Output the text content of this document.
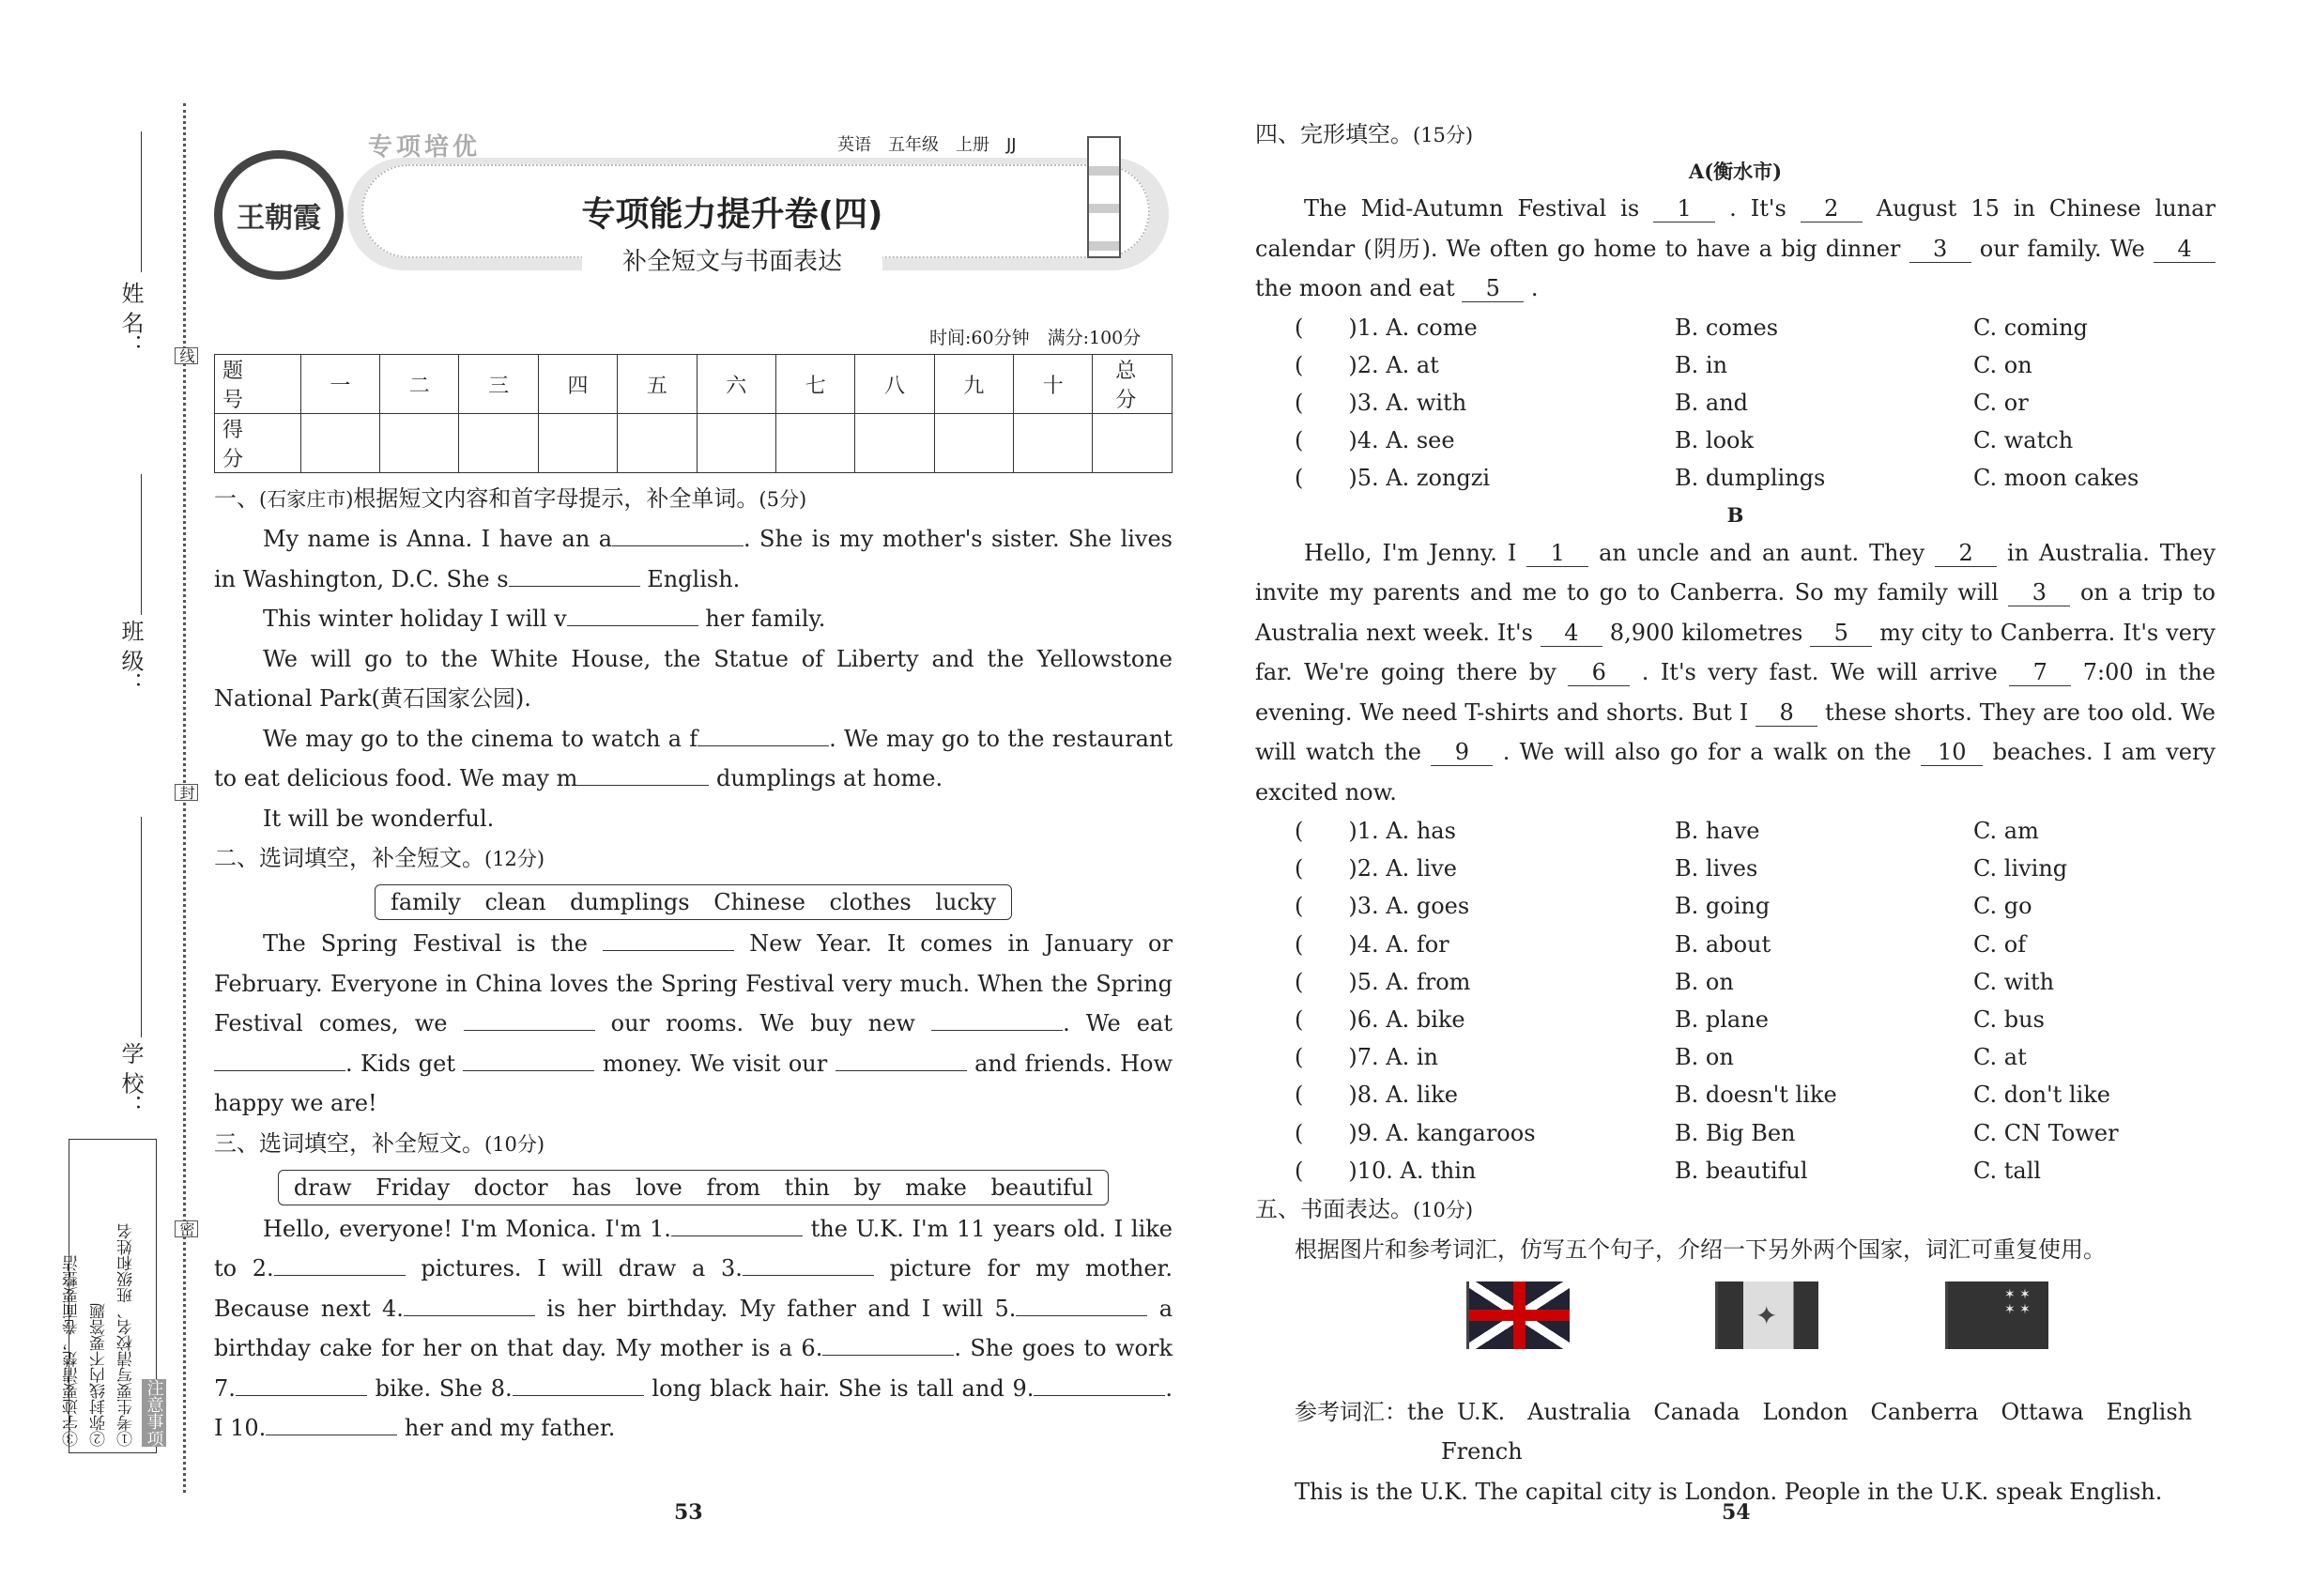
姓 名：
班 级：
学 校：
线
封
密
注意事项
①考生要写清校名、班级和姓名
②弥封线内不要答题
③字迹要清楚，卷面要整洁
王朝霞
专项培优	英语　五年级　上册　JJ
专项能力提升卷(四)
补全短文与书面表达
时间:60分钟　满分:100分
题 号	一	二	三	四	五	六	七	八	九	十	总 分
得 分											
一、(石家庄市)根据短文内容和首字母提示，补全单词。(5分)

My name is Anna. I have an a	. She is my mother's sister. She lives in Washington, D.C. She s	English.

This winter holiday I will v	her family.

We will go to the White House, the Statue of Liberty and the Yellowstone National Park(黄石国家公园).

We may go to the cinema to watch a f	. We may go to the restaurant to eat delicious food. We may m	dumplings at home.

It will be wonderful.

二、选词填空，补全短文。(12分)
family clean dumplings Chinese clothes lucky

The Spring Festival is the	New Year. It comes in January or February. Everyone in China loves the Spring Festival very much. When the Spring Festival comes, we	our rooms. We buy new	. We eat . Kids get	money. We visit our	and friends. How happy we are!

三、选词填空，补全短文。(10分)
draw Friday doctor has love from thin by make beautiful

Hello, everyone! I'm Monica. I'm 1.	the U.K. I'm 11 years old. I like to 2.	pictures. I will draw a 3.	picture for my mother. Because next 4.	is her birthday. My father and I will 5.	a birthday cake for her on that day. My mother is a 6.	. She goes to work 7.	bike. She 8.	long black hair. She is tall and 9.	. I 10.	her and my father.

53
四、完形填空。(15分)
A(衡水市)

The Mid-Autumn Festival is 1 . It's 2 August 15 in Chinese lunar calendar (阴历). We often go home to have a big dinner 3 our family. We 4 the moon and eat 5 .

(　　)1. A. come	B. comes	C. coming
(　　)2. A. at	B. in	C. on
(　　)3. A. with	B. and	C. or
(　　)4. A. see	B. look	C. watch
(　　)5. A. zongzi	B. dumplings	C. moon cakes
B

Hello, I'm Jenny. I 1 an uncle and an aunt. They 2 in Australia. They invite my parents and me to go to Canberra. So my family will 3 on a trip to Australia next week. It's 4 8,900 kilometres 5 my city to Canberra. It's very far. We're going there by 6 . It's very fast. We will arrive 7 7:00 in the evening. We need T-shirts and shorts. But I 8 these shorts. They are too old. We will watch the 9 . We will also go for a walk on the 10 beaches. I am very excited now.

(　　)1. A. has	B. have	C. am
(　　)2. A. live	B. lives	C. living
(　　)3. A. goes	B. going	C. go
(　　)4. A. for	B. about	C. of
(　　)5. A. from	B. on	C. with
(　　)6. A. bike	B. plane	C. bus
(　　)7. A. in	B. on	C. at
(　　)8. A. like	B. doesn't like	C. don't like
(　　)9. A. kangaroos	B. Big Ben	C. CN Tower
(　　)10. A. thin	B. beautiful	C. tall
五、书面表达。(10分)

根据图片和参考词汇，仿写五个句子，介绍一下另外两个国家，词汇可重复使用。

✦
✶ ✶
✶ ✶

参考词汇：the U.K.　Australia　Canada　London　Canberra　Ottawa　English

French

This is the U.K. The capital city is London. People in the U.K. speak English.

54
